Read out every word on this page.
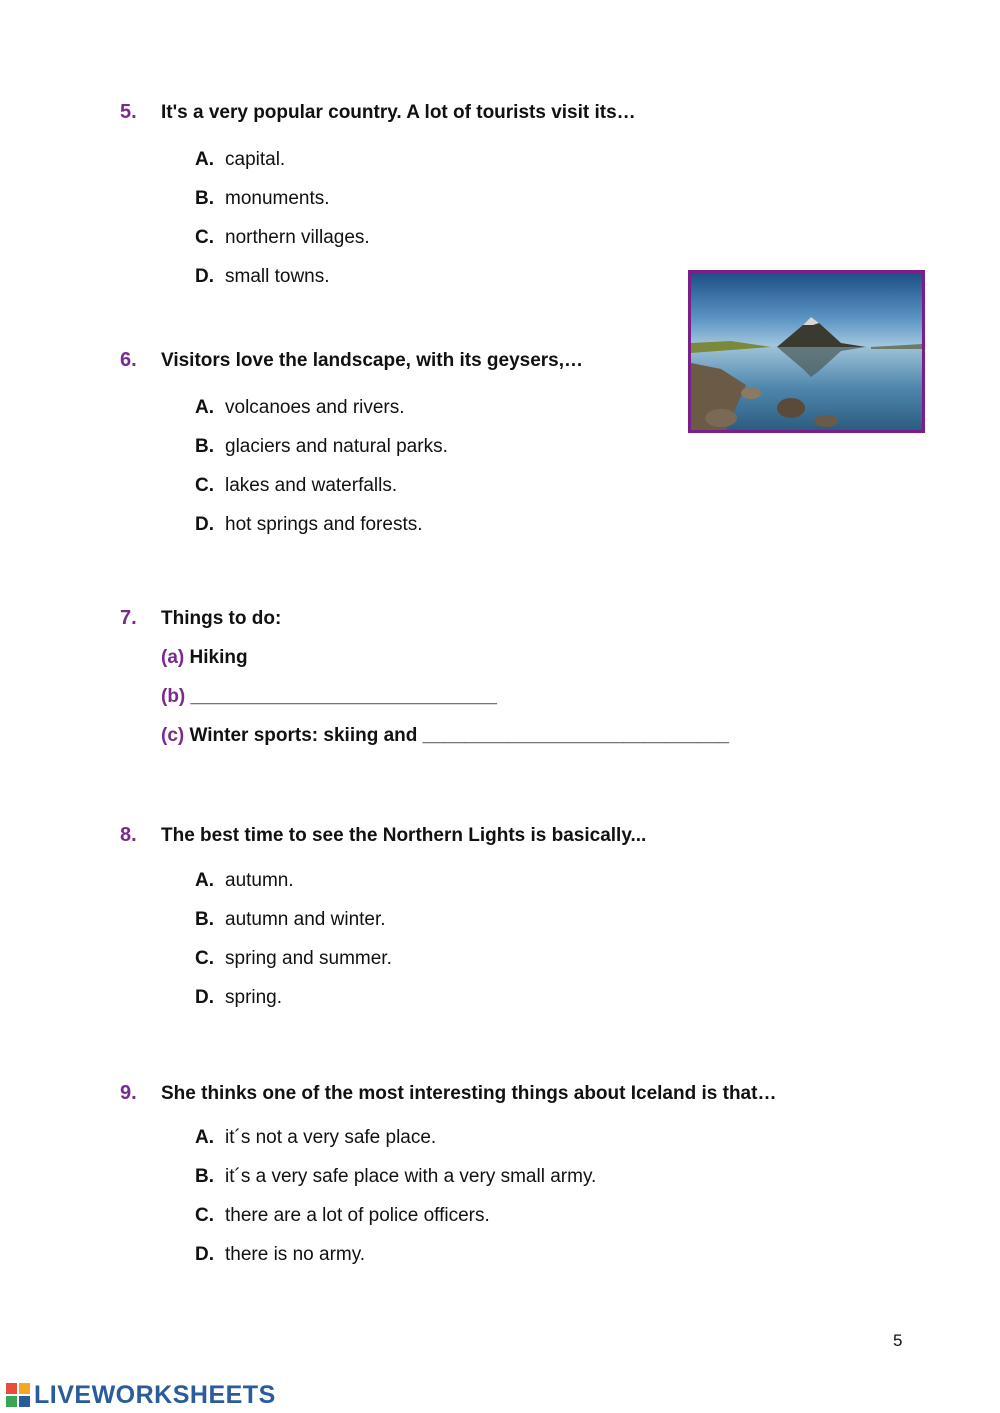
5. It's a very popular country. A lot of tourists visit its…
A. capital.
B. monuments.
C. northern villages.
D. small towns.
6. Visitors love the landscape, with its geysers,…
A. volcanoes and rivers.
B. glaciers and natural parks.
C. lakes and waterfalls.
D. hot springs and forests.
7. Things to do:
(a) Hiking
(b) _____________________________
(c) Winter sports: skiing and _____________________________
8. The best time to see the Northern Lights is basically...
A. autumn.
B. autumn and winter.
C. spring and summer.
D. spring.
9. She thinks one of the most interesting things about Iceland is that…
A. it´s not a very safe place.
B. it´s a very safe place with a very small army.
C. there are a lot of police officers.
D. there is no army.
5
LIVEWORKSHEETS
